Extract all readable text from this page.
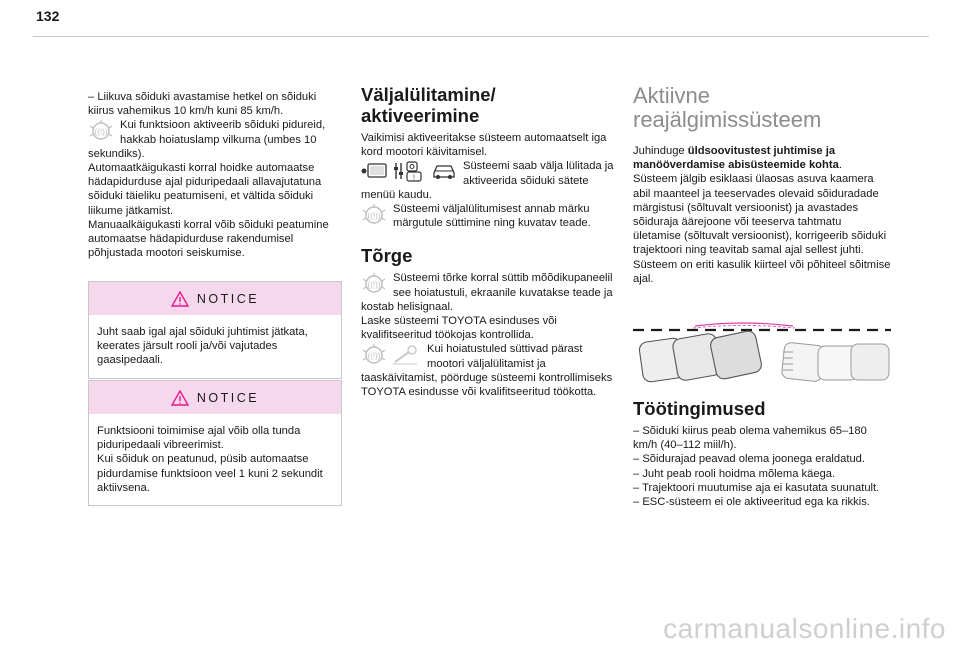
132

– Liikuva sõiduki avastamise hetkel on sõiduki kiirus vahemikus 10 km/h kuni 85 km/h.

((!))
Kui funktsioon aktiveerib sõiduki pidureid, hakkab hoiatuslamp vilkuma (umbes 10 sekundiks).

Automaatkäigukasti korral hoidke automaatse hädapidurduse ajal piduripedaali allavajutatuna sõiduki täieliku peatumiseni, et vältida sõiduki liikume jätkamist.

Manuaalkäigukasti korral võib sõiduki peatumine automaatse hädapidurduse rakendumisel põhjustada mootori seiskumise.

NOTICE
Juht saab igal ajal sõiduki juhtimist jätkata, keerates järsult rooli ja/või vajutades gaasipedaali.
NOTICE
Funktsiooni toimimise ajal võib olla tunda piduripedaali vibreerimist.
Kui sõiduk on peatunud, püsib automaatse pidurdamise funktsioon veel 1 kuni 2 sekundit aktiivsena.
Väljalülitamine/ aktiveerimine

Vaikimisi aktiveeritakse süsteem automaatselt iga kord mootori käivitamisel.

!
Süsteemi saab välja lülitada ja aktiveerida sõiduki sätete menüü kaudu.

((!))
Süsteemi väljalülitumisest annab märku märgutule süttimine ning kuvatav teade.

Tõrge

((!))
Süsteemi tõrke korral süttib mõõdikupaneelil see hoiatustuli, ekraanile kuvatakse teade ja kostab helisignaal.

Laske süsteemi TOYOTA esinduses või kvalifitseeritud töökojas kontrollida.

((!))
Kui hoiatustuled süttivad pärast mootori väljalülitamist ja taaskäivitamist, pöörduge süsteemi kontrollimiseks TOYOTA esindusse või kvalifitseeritud töökotta.

Aktiivne reajälgimissüsteem

Juhinduge üldsoovitustest juhtimise ja manööverdamise abisüsteemide kohta.

Süsteem jälgib esiklaasi ülaosas asuva kaamera abil maanteel ja teeservades olevaid sõiduradade märgistusi (sõltuvalt versioonist) ja avastades sõiduraja äärejoone või teeserva tahtmatu ületamise (sõltuvalt versioonist), korrigeerib sõiduki trajektoori ning teavitab samal ajal sellest juhti.

Süsteem on eriti kasulik kiirteel või põhiteel sõitmise ajal.

Töötingimused

– Sõiduki kiirus peab olema vahemikus 65–180 km/h (40–112 miil/h).

– Sõidurajad peavad olema joonega eraldatud.

– Juht peab rooli hoidma mõlema käega.

– Trajektoori muutumise aja ei kasutata suunatult.

– ESC-süsteem ei ole aktiveeritud ega ka rikkis.

carmanualsonline.info
